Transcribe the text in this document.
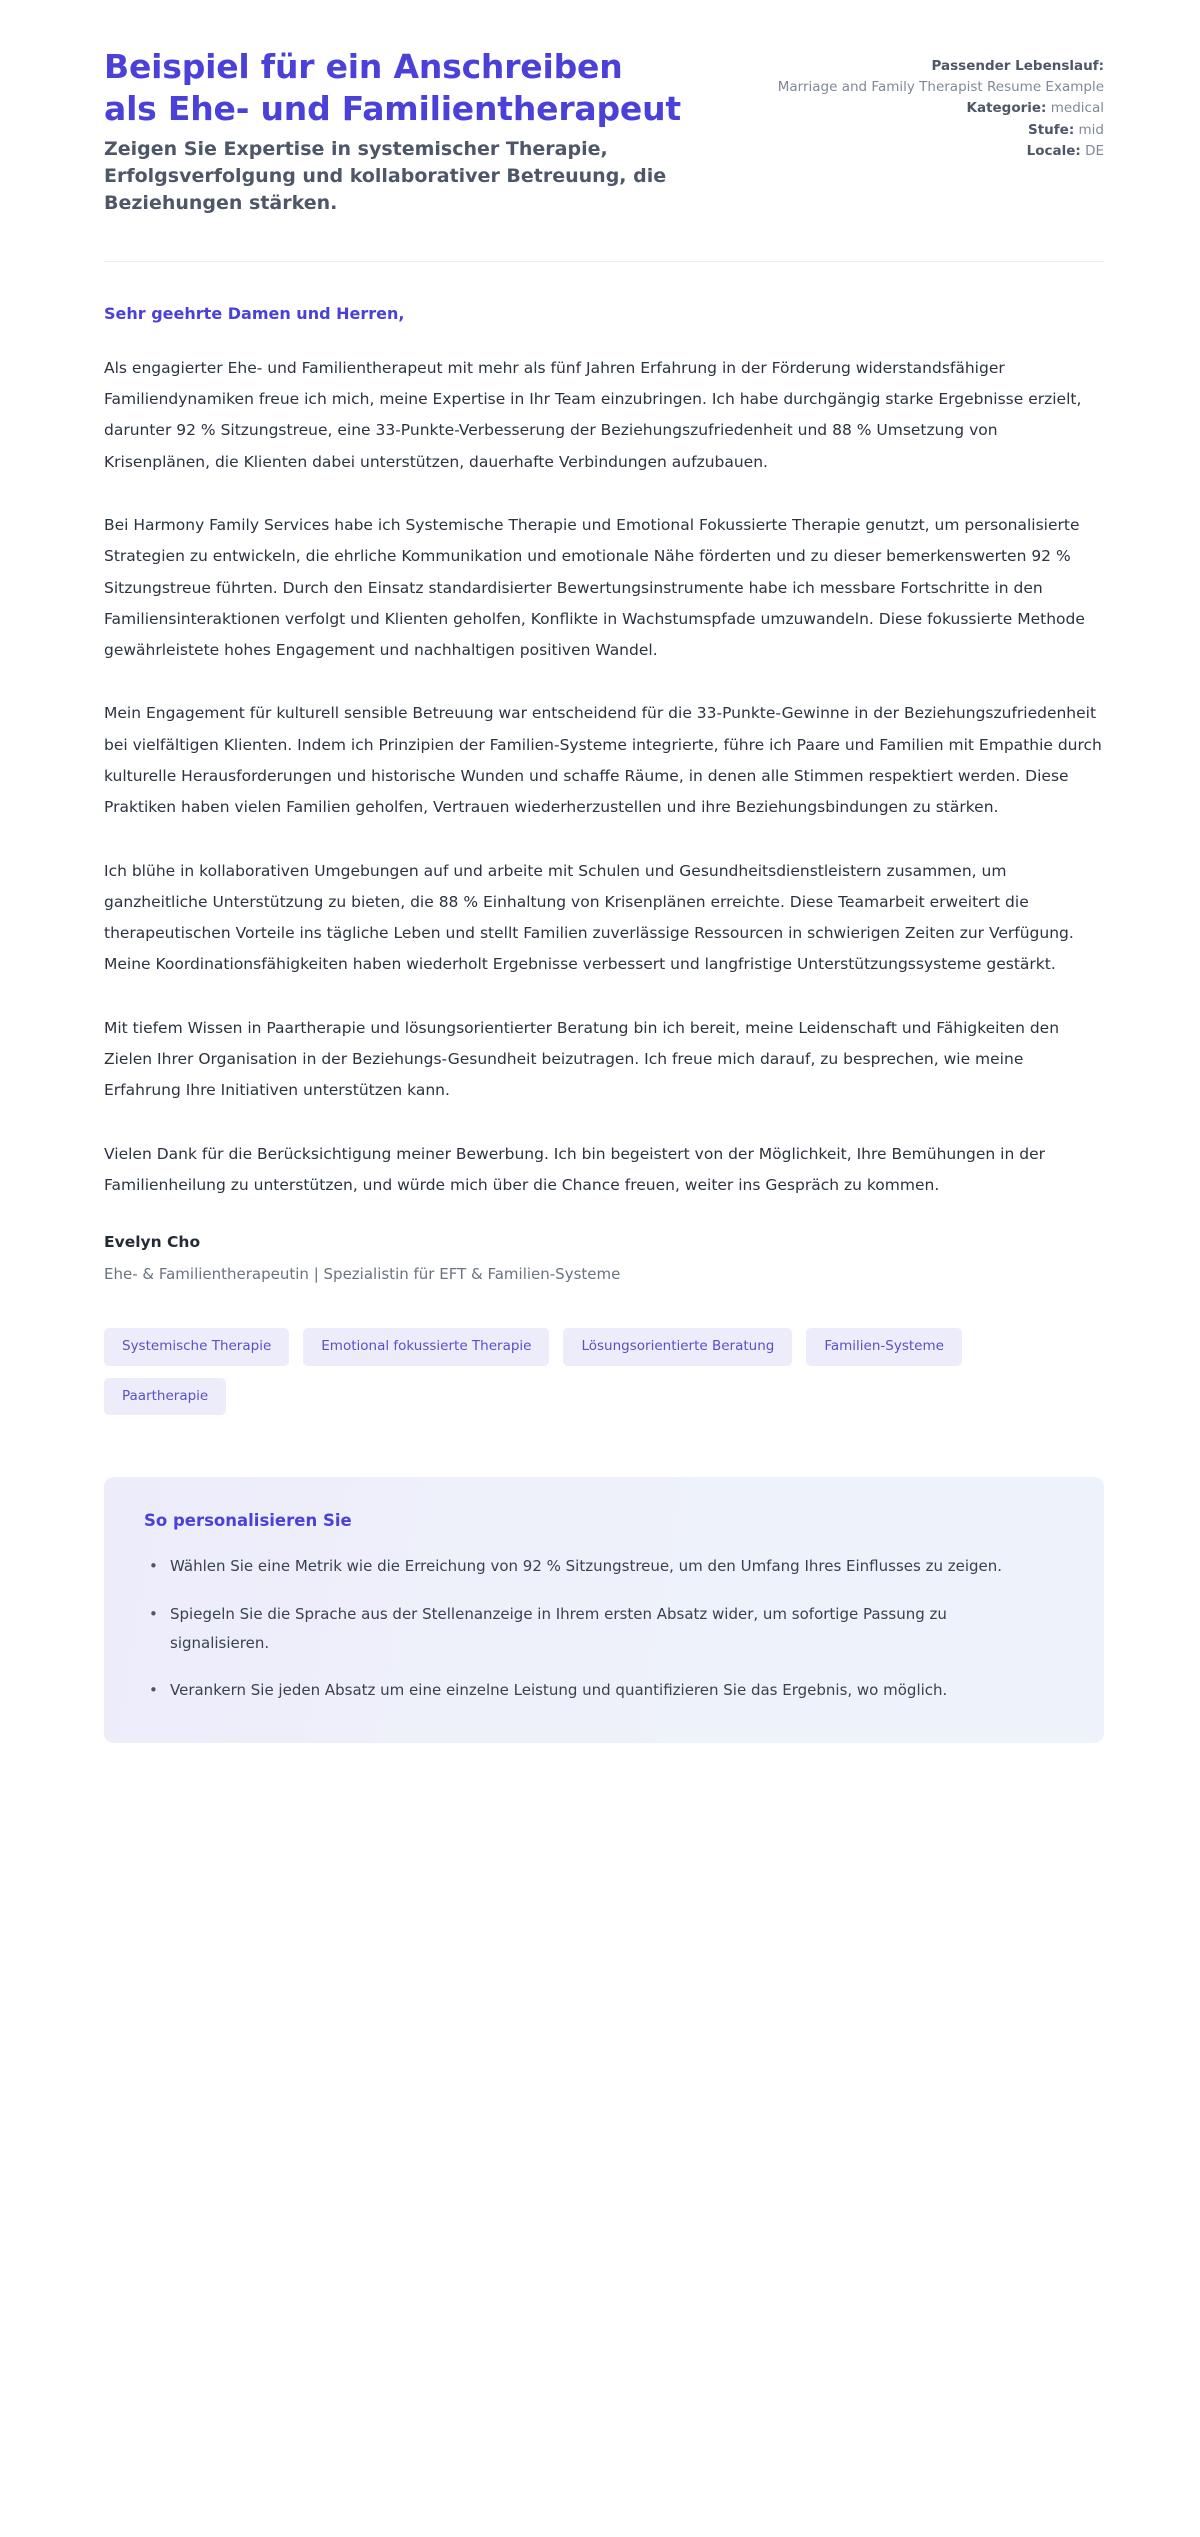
Beispiel für ein Anschreiben
als Ehe- und Familientherapeut

Zeigen Sie Expertise in systemischer Therapie, Erfolgsverfolgung und kollaborativer Betreuung, die Beziehungen stärken.

Passender Lebenslauf:
Marriage and Family Therapist Resume Example
Kategorie: medical
Stufe: mid
Locale: DE

Sehr geehrte Damen und Herren,

Als engagierter Ehe- und Familientherapeut mit mehr als fünf Jahren Erfahrung in der Förderung widerstandsfähiger Familiendynamiken freue ich mich, meine Expertise in Ihr Team einzubringen. Ich habe durchgängig starke Ergebnisse erzielt, darunter 92 % Sitzungstreue, eine 33-Punkte-Verbesserung der Beziehungszufriedenheit und 88 % Umsetzung von Krisenplänen, die Klienten dabei unterstützen, dauerhafte Verbindungen aufzubauen.

Bei Harmony Family Services habe ich Systemische Therapie und Emotional Fokussierte Therapie genutzt, um personalisierte Strategien zu entwickeln, die ehrliche Kommunikation und emotionale Nähe förderten und zu dieser bemerkenswerten 92 % Sitzungstreue führten. Durch den Einsatz standardisierter Bewertungsinstrumente habe ich messbare Fortschritte in den Familiensinteraktionen verfolgt und Klienten geholfen, Konflikte in Wachstumspfade umzuwandeln. Diese fokussierte Methode gewährleistete hohes Engagement und nachhaltigen positiven Wandel.

Mein Engagement für kulturell sensible Betreuung war entscheidend für die 33-Punkte-Gewinne in der Beziehungszufriedenheit bei vielfältigen Klienten. Indem ich Prinzipien der Familien-Systeme integrierte, führe ich Paare und Familien mit Empathie durch kulturelle Herausforderungen und historische Wunden und schaffe Räume, in denen alle Stimmen respektiert werden. Diese Praktiken haben vielen Familien geholfen, Vertrauen wiederherzustellen und ihre Beziehungsbindungen zu stärken.

Ich blühe in kollaborativen Umgebungen auf und arbeite mit Schulen und Gesundheitsdienstleistern zusammen, um ganzheitliche Unterstützung zu bieten, die 88 % Einhaltung von Krisenplänen erreichte. Diese Teamarbeit erweitert die therapeutischen Vorteile ins tägliche Leben und stellt Familien zuverlässige Ressourcen in schwierigen Zeiten zur Verfügung. Meine Koordinationsfähigkeiten haben wiederholt Ergebnisse verbessert und langfristige Unterstützungssysteme gestärkt.

Mit tiefem Wissen in Paartherapie und lösungsorientierter Beratung bin ich bereit, meine Leidenschaft und Fähigkeiten den Zielen Ihrer Organisation in der Beziehungs-Gesundheit beizutragen. Ich freue mich darauf, zu besprechen, wie meine Erfahrung Ihre Initiativen unterstützen kann.

Vielen Dank für die Berücksichtigung meiner Bewerbung. Ich bin begeistert von der Möglichkeit, Ihre Bemühungen in der Familienheilung zu unterstützen, und würde mich über die Chance freuen, weiter ins Gespräch zu kommen.

Evelyn Cho

Ehe- & Familientherapeutin | Spezialistin für EFT & Familien-Systeme

Systemische Therapie	Emotional fokussierte Therapie	Lösungsorientierte Beratung	Familien-Systeme
Paartherapie
So personalisieren Sie
• Wählen Sie eine Metrik wie die Erreichung von 92 % Sitzungstreue, um den Umfang Ihres Einflusses zu zeigen.
• Spiegeln Sie die Sprache aus der Stellenanzeige in Ihrem ersten Absatz wider, um sofortige Passung zu signalisieren.
• Verankern Sie jeden Absatz um eine einzelne Leistung und quantifizieren Sie das Ergebnis, wo möglich.
